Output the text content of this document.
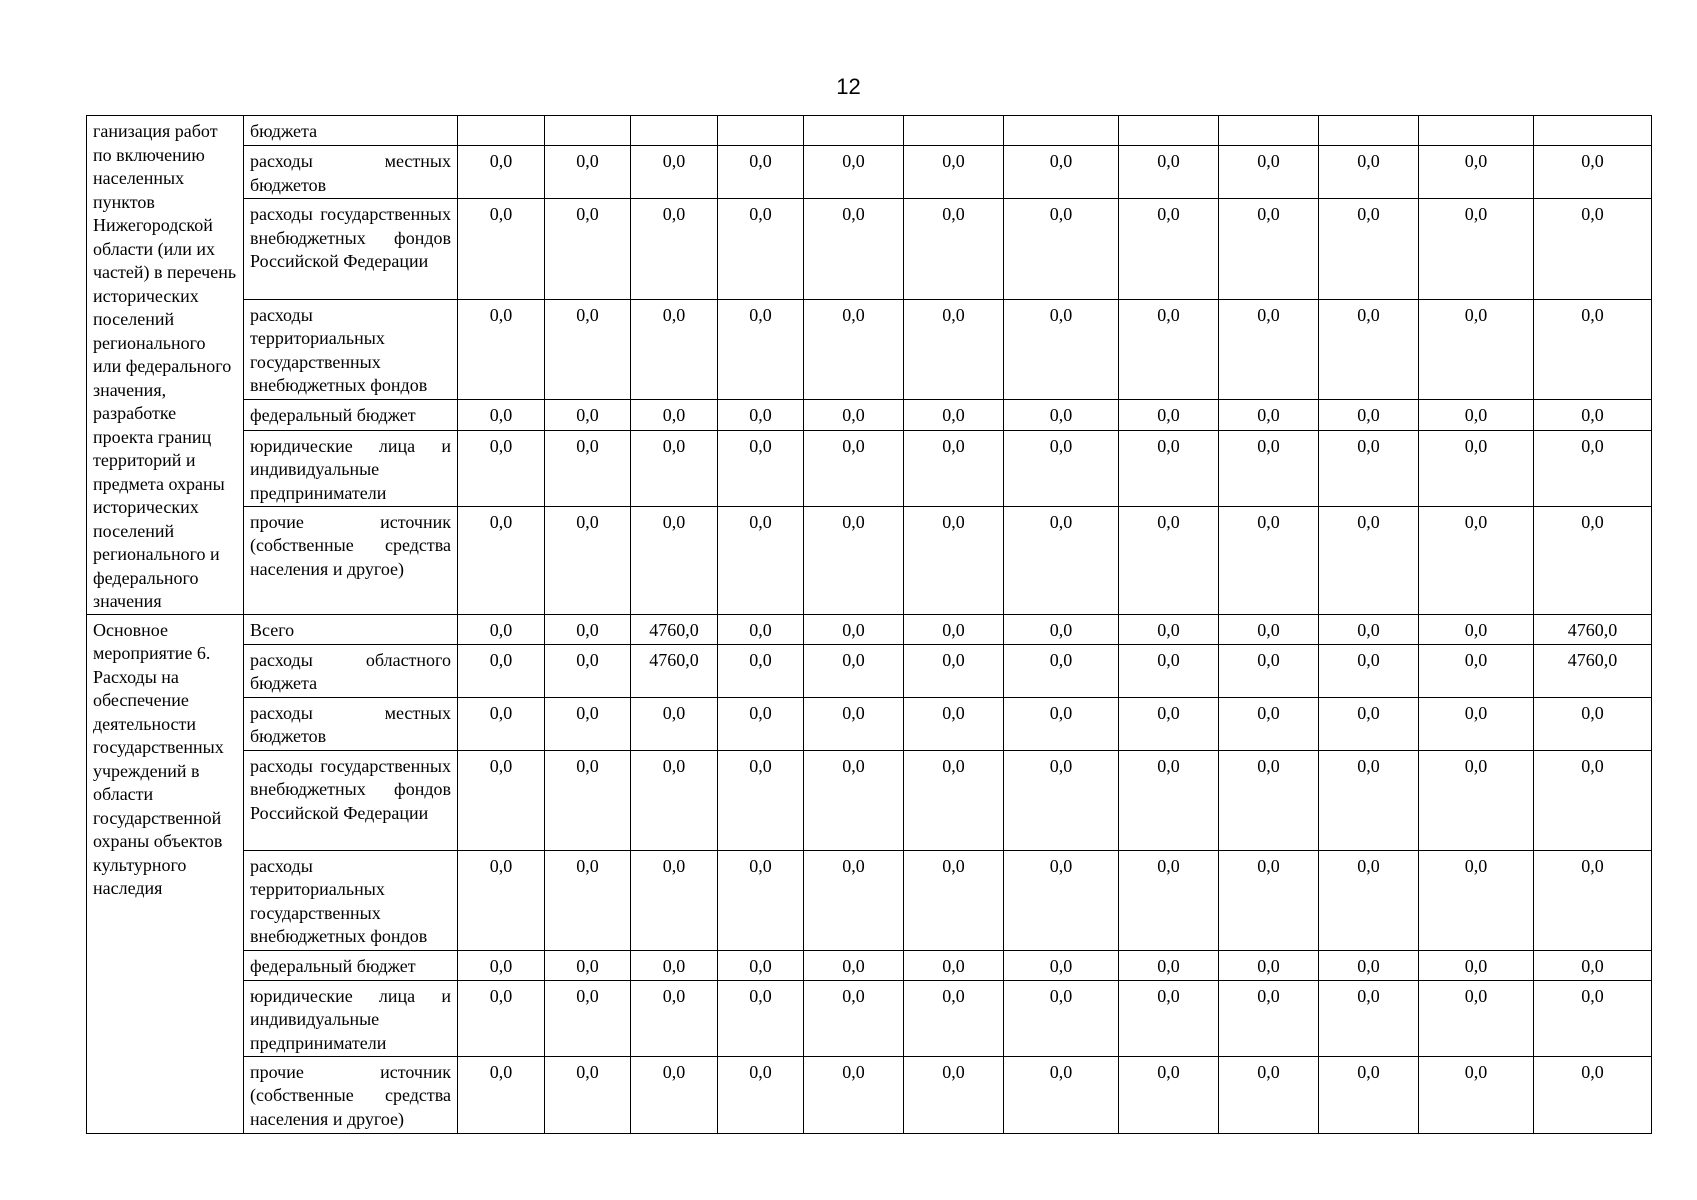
12
ганизация работ по включению населенных пунктов Нижегородской области (или их частей) в перечень исторических поселений регионального или федерального значения, разработке проекта границ территорий и предмета охраны исторических поселений регионального и федерального значения	бюджета												
	расходы местных бюджетов	0,0	0,0	0,0	0,0	0,0	0,0	0,0	0,0	0,0	0,0	0,0	0,0
	расходы государственных внебюджетных фондов Российской Федерации	0,0	0,0	0,0	0,0	0,0	0,0	0,0	0,0	0,0	0,0	0,0	0,0
	расходы территориальных государственных внебюджетных фондов	0,0	0,0	0,0	0,0	0,0	0,0	0,0	0,0	0,0	0,0	0,0	0,0
	федеральный бюджет	0,0	0,0	0,0	0,0	0,0	0,0	0,0	0,0	0,0	0,0	0,0	0,0
	юридические лица и индивидуальные предприниматели	0,0	0,0	0,0	0,0	0,0	0,0	0,0	0,0	0,0	0,0	0,0	0,0
	прочие источник (собственные средства населения и другое)	0,0	0,0	0,0	0,0	0,0	0,0	0,0	0,0	0,0	0,0	0,0	0,0
Основное мероприятие 6. Расходы на обеспечение деятельности государственных учреждений в области государственной охраны объектов культурного наследия	Всего	0,0	0,0	4760,0	0,0	0,0	0,0	0,0	0,0	0,0	0,0	0,0	4760,0
	расходы областного бюджета	0,0	0,0	4760,0	0,0	0,0	0,0	0,0	0,0	0,0	0,0	0,0	4760,0
	расходы местных бюджетов	0,0	0,0	0,0	0,0	0,0	0,0	0,0	0,0	0,0	0,0	0,0	0,0
	расходы государственных внебюджетных фондов Российской Федерации	0,0	0,0	0,0	0,0	0,0	0,0	0,0	0,0	0,0	0,0	0,0	0,0
	расходы территориальных государственных внебюджетных фондов	0,0	0,0	0,0	0,0	0,0	0,0	0,0	0,0	0,0	0,0	0,0	0,0
	федеральный бюджет	0,0	0,0	0,0	0,0	0,0	0,0	0,0	0,0	0,0	0,0	0,0	0,0
	юридические лица и индивидуальные предприниматели	0,0	0,0	0,0	0,0	0,0	0,0	0,0	0,0	0,0	0,0	0,0	0,0
	прочие источник (собственные средства населения и другое)	0,0	0,0	0,0	0,0	0,0	0,0	0,0	0,0	0,0	0,0	0,0	0,0
